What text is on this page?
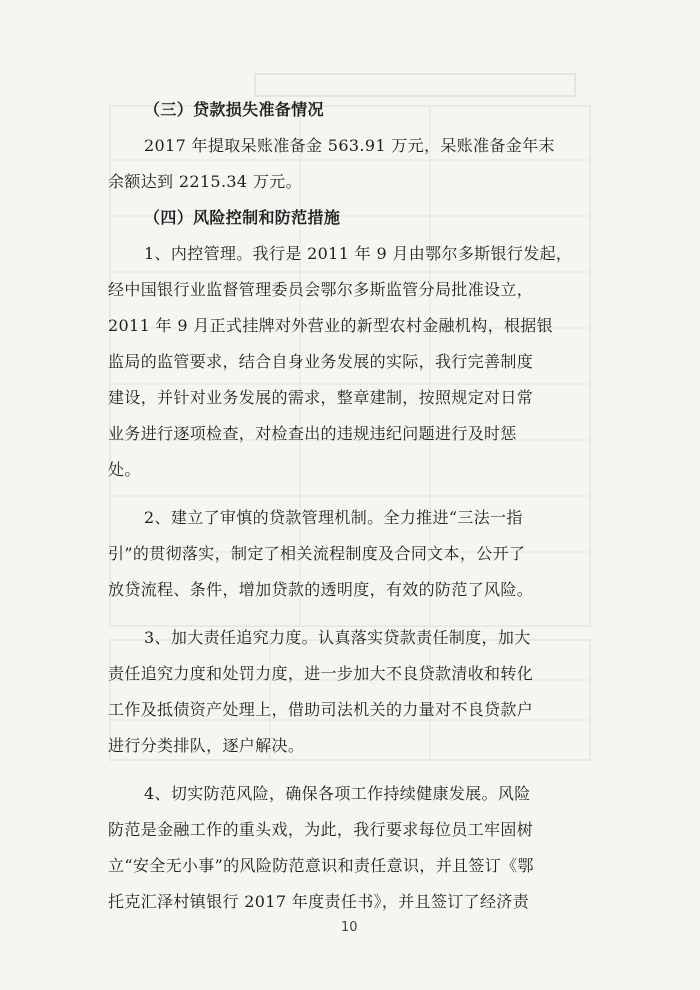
（三）贷款损失准备情况
2017 年提取呆账准备金 563.91 万元，呆账准备金年末
余额达到 2215.34 万元。
（四）风险控制和防范措施
1、内控管理。我行是 2011 年 9 月由鄂尔多斯银行发起，
经中国银行业监督管理委员会鄂尔多斯监管分局批准设立，
2011 年 9 月正式挂牌对外营业的新型农村金融机构，根据银
监局的监管要求，结合自身业务发展的实际，我行完善制度
建设，并针对业务发展的需求，整章建制，按照规定对日常
业务进行逐项检查，对检查出的违规违纪问题进行及时惩
处。
2、建立了审慎的贷款管理机制。全力推进“三法一指
引”的贯彻落实，制定了相关流程制度及合同文本，公开了
放贷流程、条件，增加贷款的透明度，有效的防范了风险。
3、加大责任追究力度。认真落实贷款责任制度，加大
责任追究力度和处罚力度，进一步加大不良贷款清收和转化
工作及抵债资产处理上，借助司法机关的力量对不良贷款户
进行分类排队，逐户解决。
4、切实防范风险，确保各项工作持续健康发展。风险
防范是金融工作的重头戏，为此，我行要求每位员工牢固树
立“安全无小事”的风险防范意识和责任意识，并且签订《鄂
托克汇泽村镇银行 2017 年度责任书》，并且签订了经济责
10
